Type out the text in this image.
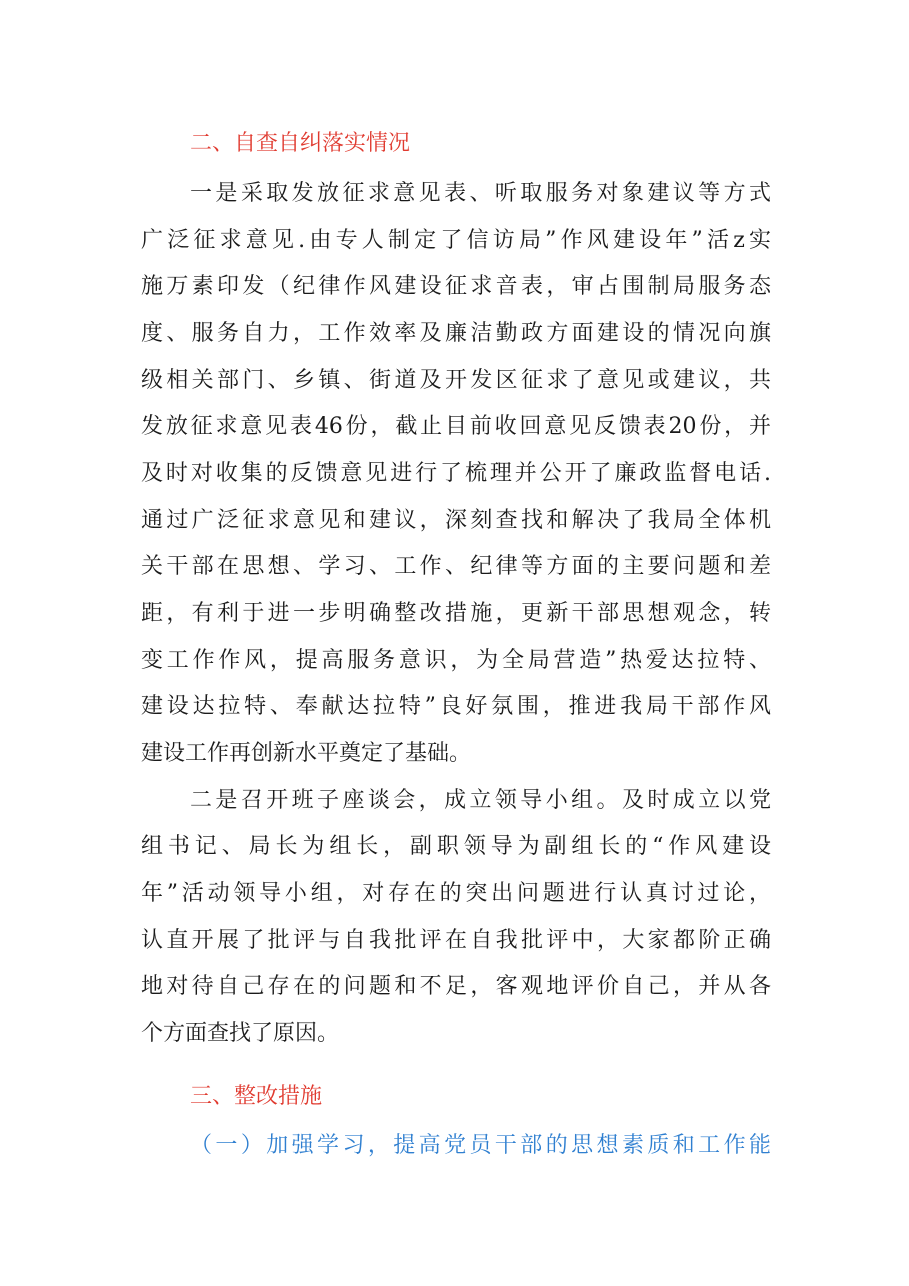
二、自查自纠落实情况
一是采取发放征求意见表、听取服务对象建议等方式
广泛征求意见.由专人制定了信访局”作风建设年”活z实
施万素印发（纪律作风建设征求音表，审占围制局服务态
度、服务自力，工作效率及廉洁勤政方面建设的情况向旗
级相关部门、乡镇、街道及开发区征求了意见或建议，共
发放征求意见表46份，截止目前收回意见反馈表20份，并
及时对收集的反馈意见进行了梳理并公开了廉政监督电话.
通过广泛征求意见和建议，深刻查找和解决了我局全体机
关干部在思想、学习、工作、纪律等方面的主要问题和差
距，有利于进一步明确整改措施，更新干部思想观念，转
变工作作风，提高服务意识，为全局营造”热爱达拉特、
建设达拉特、奉献达拉特”良好氛围，推进我局干部作风
建设工作再创新水平奠定了基础。
二是召开班子座谈会，成立领导小组。及时成立以党
组书记、局长为组长，副职领导为副组长的“作风建设
年”活动领导小组，对存在的突出问题进行认真讨过论，
认直开展了批评与自我批评在自我批评中，大家都阶正确
地对待自己存在的问题和不足，客观地评价自己，并从各
个方面查找了原因。
三、整改措施
（一）加强学习，提高党员干部的思想素质和工作能
